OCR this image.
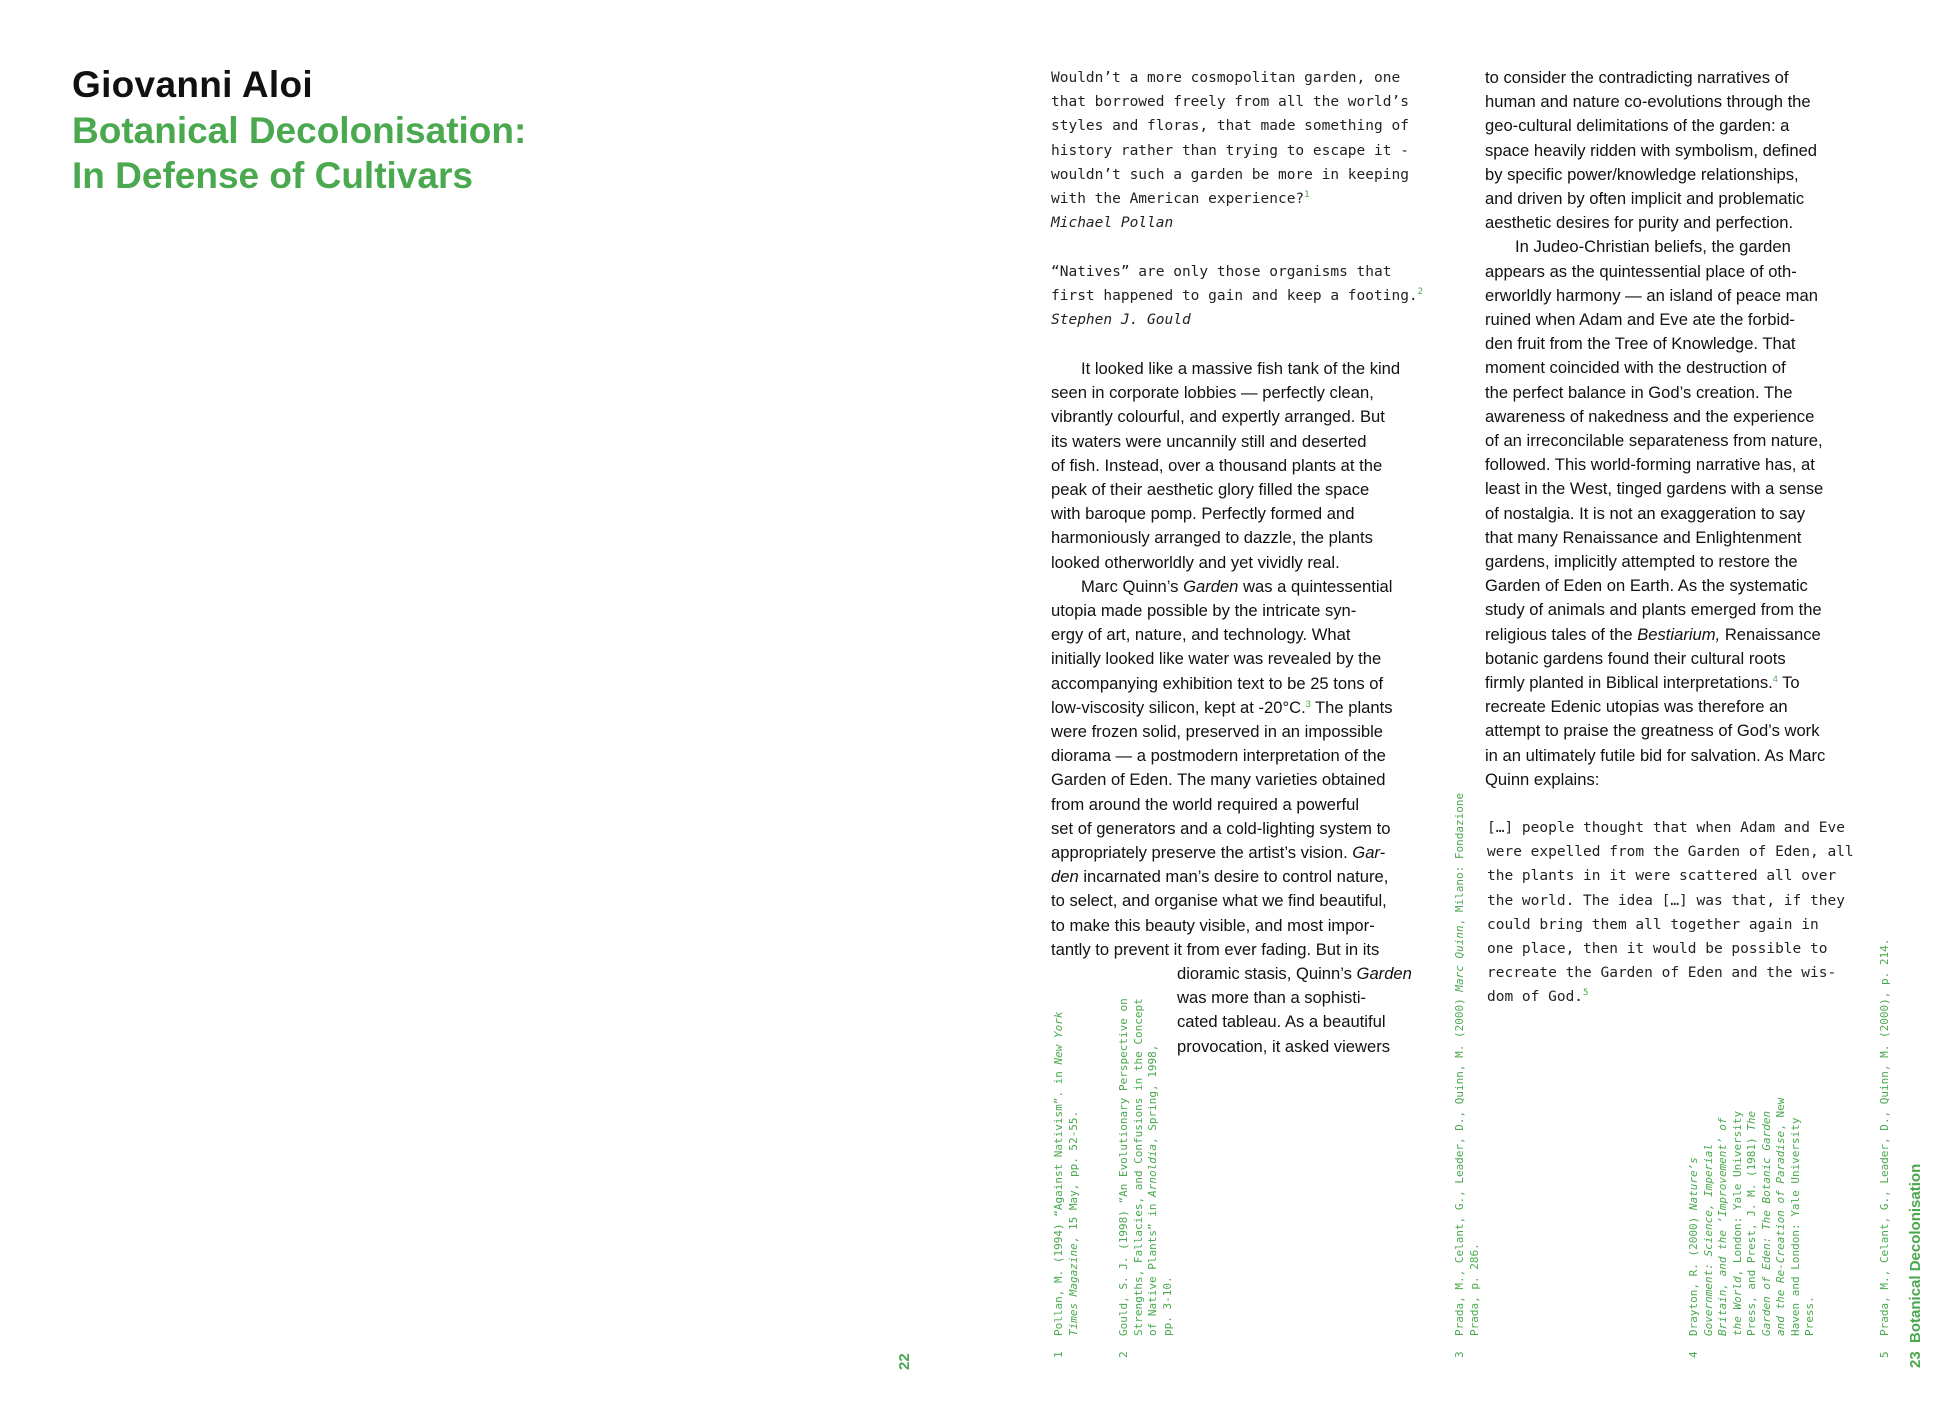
Giovanni Aloi
Botanical Decolonisation:
In Defense of Cultivars
22
Wouldn’t a more cosmopolitan garden, one
that borrowed freely from all the world’s
styles and floras, that made something of
history rather than trying to escape it -
wouldn’t such a garden be more in keeping
with the American experience?$^1$
Michael Pollan
“Natives” are only those organisms that
first happened to gain and keep a footing.$^2$
Stephen J. Gould
It looked like a massive fish tank of the kind
seen in corporate lobbies — perfectly clean,
vibrantly colourful, and expertly arranged. But
its waters were uncannily still and deserted
of fish. Instead, over a thousand plants at the
peak of their aesthetic glory filled the space
with baroque pomp. Perfectly formed and
harmoniously arranged to dazzle, the plants
looked otherworldly and yet vividly real.
Marc Quinn’s Garden was a quintessential
utopia made possible by the intricate syn-
ergy of art, nature, and technology. What
initially looked like water was revealed by the
accompanying exhibition text to be 25 tons of
low-viscosity silicon, kept at -20°C.$^3$ The plants
were frozen solid, preserved in an impossible
diorama — a postmodern interpretation of the
Garden of Eden. The many varieties obtained
from around the world required a powerful
set of generators and a cold-lighting system to
appropriately preserve the artist’s vision. Gar-
den incarnated man’s desire to control nature,
to select, and organise what we find beautiful,
to make this beauty visible, and most impor-
tantly to prevent it from ever fading. But in its
dioramic stasis, Quinn’s Garden
was more than a sophisti-
cated tableau. As a beautiful
provocation, it asked viewers
to consider the contradicting narratives of
human and nature co-evolutions through the
geo-cultural delimitations of the garden: a
space heavily ridden with symbolism, defined
by specific power/knowledge relationships,
and driven by often implicit and problematic
aesthetic desires for purity and perfection.
In Judeo-Christian beliefs, the garden
appears as the quintessential place of oth-
erworldly harmony — an island of peace man
ruined when Adam and Eve ate the forbid-
den fruit from the Tree of Knowledge. That
moment coincided with the destruction of
the perfect balance in God’s creation. The
awareness of nakedness and the experience
of an irreconcilable separateness from nature,
followed. This world-forming narrative has, at
least in the West, tinged gardens with a sense
of nostalgia. It is not an exaggeration to say
that many Renaissance and Enlightenment
gardens, implicitly attempted to restore the
Garden of Eden on Earth. As the systematic
study of animals and plants emerged from the
religious tales of the Bestiarium, Renaissance
botanic gardens found their cultural roots
firmly planted in Biblical interpretations.$^4$ To
recreate Edenic utopias was therefore an
attempt to praise the greatness of God’s work
in an ultimately futile bid for salvation. As Marc
Quinn explains:
[…] people thought that when Adam and Eve
were expelled from the Garden of Eden, all
the plants in it were scattered all over
the world. The idea […] was that, if they
could bring them all together again in
one place, then it would be possible to
recreate the Garden of Eden and the wis-
dom of God.$^5$
1Pollan, M. (1994) “Against Nativism”. in New York
Times Magazine, 15 May, pp. 52-55.
2Gould, S. J. (1998) “An Evolutionary Perspective on Strengths, Fallacies, and Confusions in the Concept of Native Plants” in Arnoldia, Spring, 1998,
pp. 3-10.
3Prada, M., Celant, G., Leader, D., Quinn, M. (2000) Marc Quinn, Milano: Fondazione
Prada, p. 286.
4Drayton, R. (2000) Nature’s Government: Science, Imperial Britain, and the ‘Improvement’ of the World, London: Yale University Press, and Prest, J. M. (1981) The Garden of Eden: The Botanic Garden and the Re-Creation of Paradise, New
Haven and London: Yale University Press.
5Prada, M., Celant, G., Leader, D., Quinn, M. (2000), p. 214.
23  Botanical Decolonisation
